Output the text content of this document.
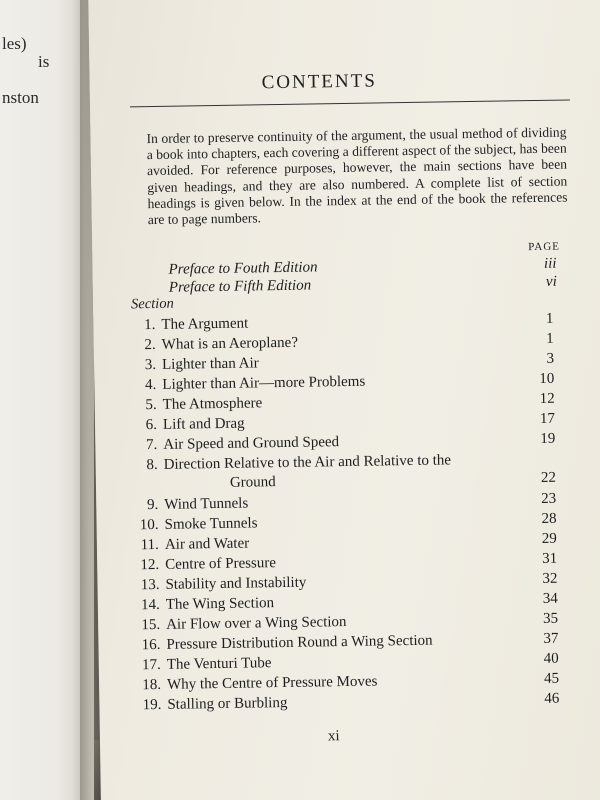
les)
is
nston
CONTENTS
In order to preserve continuity of the argument, the usual method of dividing a book into chapters, each covering a different aspect of the subject, has been avoided. For reference purposes, however, the main sections have been given headings, and they are also numbered. A complete list of section headings is given below. In the index at the end of the book the references are to page numbers.
PAGE
Preface to Fouth Edition	iii
Preface to Fifth Edition	vi
Section
1. The Argument	1
2. What is an Aeroplane?	1
3. Lighter than Air	3
4. Lighter than Air—more Problems	10
5. The Atmosphere	12
6. Lift and Drag	17
7. Air Speed and Ground Speed	19
8. Direction Relative to the Air and Relative to the
Ground	22
9. Wind Tunnels	23
10. Smoke Tunnels	28
11. Air and Water	29
12. Centre of Pressure	31
13. Stability and Instability	32
14. The Wing Section	34
15. Air Flow over a Wing Section	35
16. Pressure Distribution Round a Wing Section	37
17. The Venturi Tube	40
18. Why the Centre of Pressure Moves	45
19. Stalling or Burbling	46
xi
